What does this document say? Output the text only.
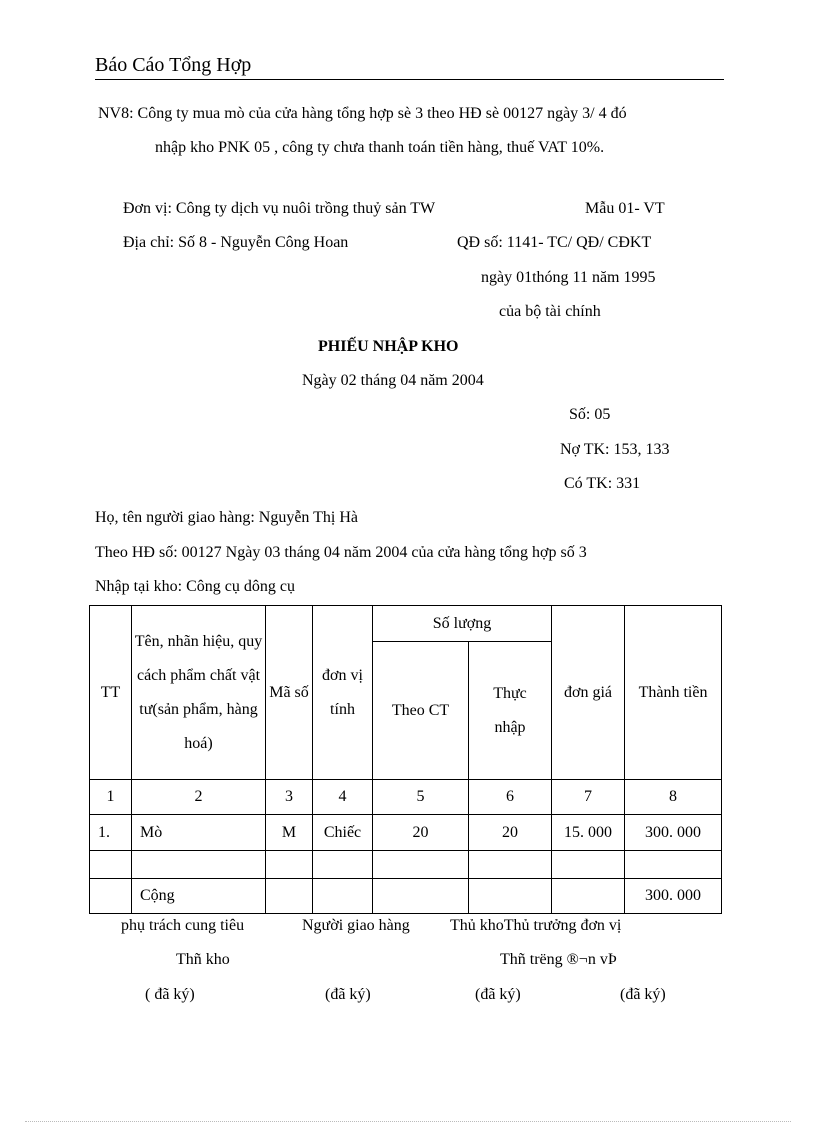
Báo Cáo Tổng Hợp
NV8: Công ty mua mò của cửa hàng tổng hợp sè 3 theo HĐ sè 00127 ngày 3/ 4 đó
nhập kho PNK 05 , công ty chưa thanh toán tiền hàng, thuế VAT 10%.
Đơn vị: Công ty dịch vụ nuôi trồng thuỷ sản TW	Mẫu 01- VT
Địa chỉ: Số 8 - Nguyễn Công Hoan	QĐ số: 1141- TC/ QĐ/ CĐKT
ngày 01thóng 11 năm 1995
của bộ tài chính
PHIẾU NHẬP KHO
Ngày 02 tháng 04 năm 2004
Số: 05
Nợ TK: 153, 133
Có TK: 331
Họ, tên người giao hàng: Nguyễn Thị Hà
Theo HĐ số: 00127 Ngày 03 tháng 04 năm 2004 của cửa hàng tổng hợp số 3
Nhập tại kho: Công cụ dông cụ
TT	Tên, nhãn hiệu, quy cách phẩm chất vật tư(sản phẩm, hàng hoá)	Mã số	đơn vị tính	Số lượng		đơn giá	Thành tiền
				Theo CT	Thực nhập		
1	2	3	4	5	6	7	8
1.	Mò	M	Chiếc	20	20	15. 000	300. 000

	Cộng						300. 000
phụ trách cung tiêu	Người giao hàng	Thủ khoThủ trưởng đơn vị
Thñ kho	Thñ trëng ®¬n vÞ
( đã ký)	(đã ký)	(đã ký)	(đã ký)
